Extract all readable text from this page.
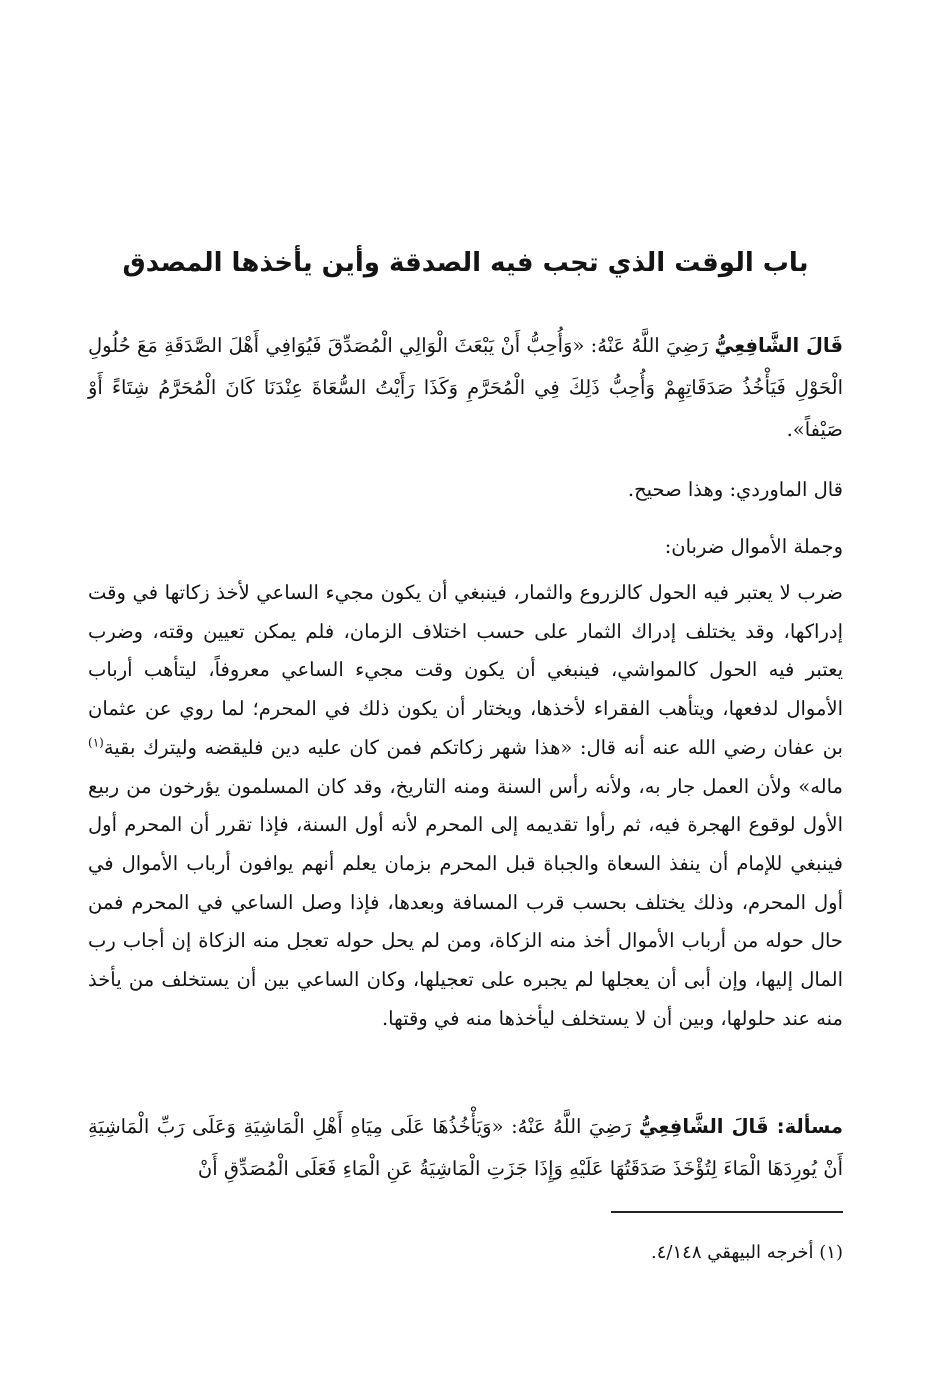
باب الوقت الذي تجب فيه الصدقة وأين يأخذها المصدق

قَالَ الشَّافِعِيُّ رَضِيَ اللَّهُ عَنْهُ: «وَأُحِبُّ أَنْ يَبْعَثَ الْوَالِي الْمُصَدِّقَ فَيُوَافِي أَهْلَ الصَّدَقَةِ مَعَ حُلُولِ الْحَوْلِ فَيَأْخُذُ صَدَقَاتِهِمْ وَأُحِبُّ ذَلِكَ فِي الْمُحَرَّمِ وَكَذَا رَأَيْتُ السُّعَاةَ عِنْدَنَا كَانَ الْمُحَرَّمُ شِتَاءً أَوْ صَيْفاً».

قال الماوردي: وهذا صحيح.

وجملة الأموال ضربان:

ضرب لا يعتبر فيه الحول كالزروع والثمار، فينبغي أن يكون مجيء الساعي لأخذ زكاتها في وقت إدراكها، وقد يختلف إدراك الثمار على حسب اختلاف الزمان، فلم يمكن تعيين وقته، وضرب يعتبر فيه الحول كالمواشي، فينبغي أن يكون وقت مجيء الساعي معروفاً، ليتأهب أرباب الأموال لدفعها، ويتأهب الفقراء لأخذها، ويختار أن يكون ذلك في المحرم؛ لما روي عن عثمان بن عفان رضي الله عنه أنه قال: «هذا شهر زكاتكم فمن كان عليه دين فليقضه وليترك بقية$^{(١)}$ ماله» ولأن العمل جار به، ولأنه رأس السنة ومنه التاريخ، وقد كان المسلمون يؤرخون من ربيع الأول لوقوع الهجرة فيه، ثم رأوا تقديمه إلى المحرم لأنه أول السنة، فإذا تقرر أن المحرم أول فينبغي للإمام أن ينفذ السعاة والجباة قبل المحرم بزمان يعلم أنهم يوافون أرباب الأموال في أول المحرم، وذلك يختلف بحسب قرب المسافة وبعدها، فإذا وصل الساعي في المحرم فمن حال حوله من أرباب الأموال أخذ منه الزكاة، ومن لم يحل حوله تعجل منه الزكاة إن أجاب رب المال إليها، وإن أبى أن يعجلها لم يجبره على تعجيلها، وكان الساعي بين أن يستخلف من يأخذ منه عند حلولها، وبين أن لا يستخلف ليأخذها منه في وقتها.

مسألة: قَالَ الشَّافِعِيُّ رَضِيَ اللَّهُ عَنْهُ: «وَيَأْخُذُهَا عَلَى مِيَاهِ أَهْلِ الْمَاشِيَةِ وَعَلَى رَبِّ الْمَاشِيَةِ أَنْ يُورِدَهَا الْمَاءَ لِتُؤْخَذَ صَدَقَتُهَا عَلَيْهِ وَإِذَا جَزَتِ الْمَاشِيَةُ عَنِ الْمَاءِ فَعَلَى الْمُصَدِّقِ أَنْ

(١) أخرجه البيهقي ٤/١٤٨.
